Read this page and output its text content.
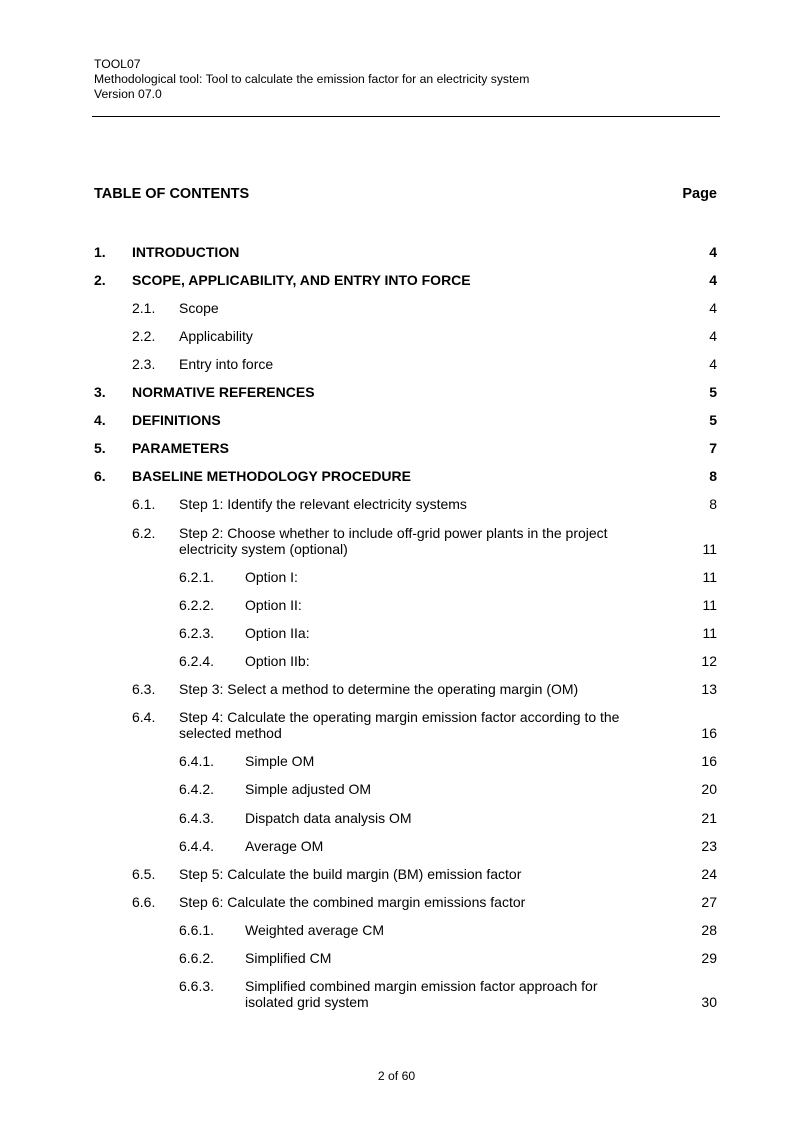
TOOL07
Methodological tool: Tool to calculate the emission factor for an electricity system
Version 07.0
TABLE OF CONTENTS	Page
1. INTRODUCTION	4
2. SCOPE, APPLICABILITY, AND ENTRY INTO FORCE	4
2.1. Scope	4
2.2. Applicability	4
2.3. Entry into force	4
3. NORMATIVE REFERENCES	5
4. DEFINITIONS	5
5. PARAMETERS	7
6. BASELINE METHODOLOGY PROCEDURE	8
6.1. Step 1: Identify the relevant electricity systems	8
6.2. Step 2: Choose whether to include off-grid power plants in the project
electricity system (optional)	11
6.2.1. Option I:	11
6.2.2. Option II:	11
6.2.3. Option IIa:	11
6.2.4. Option IIb:	12
6.3. Step 3: Select a method to determine the operating margin (OM)	13
6.4. Step 4: Calculate the operating margin emission factor according to the
selected method	16
6.4.1. Simple OM	16
6.4.2. Simple adjusted OM	20
6.4.3. Dispatch data analysis OM	21
6.4.4. Average OM	23
6.5. Step 5: Calculate the build margin (BM) emission factor	24
6.6. Step 6: Calculate the combined margin emissions factor	27
6.6.1. Weighted average CM	28
6.6.2. Simplified CM	29
6.6.3. Simplified combined margin emission factor approach for
isolated grid system	30
2 of 60
